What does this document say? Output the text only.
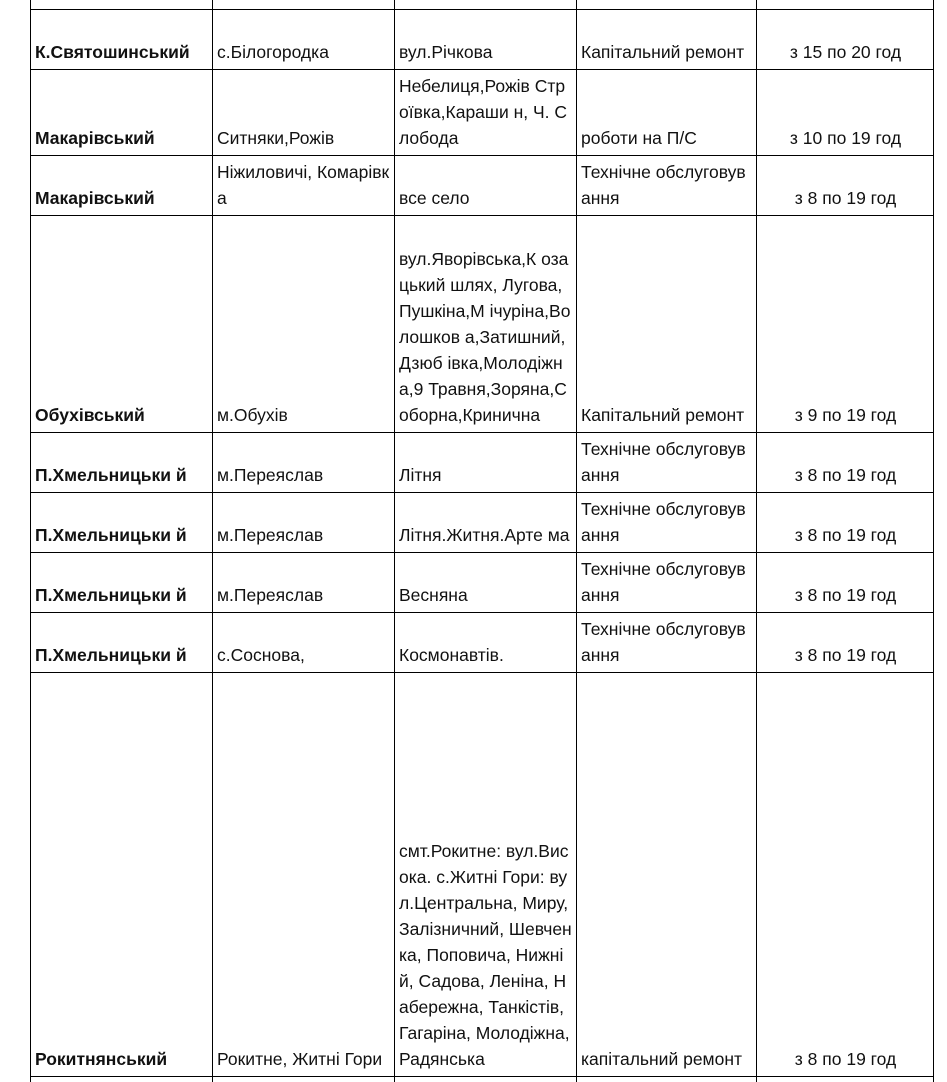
К.Святошинський	с.Білогородка	вул.Річкова	Капітальний ремонт	з 15 по 20 год
Макарівський	Ситняки,Рожів	Небелиця,Рожів Строївка,Караши н, Ч. Слобода	роботи на П/С	з 10 по 19 год
Макарівський	Ніжиловичі, Комарівка	все село	Технічне обслуговування	з 8 по 19 год
Обухівський	м.Обухів	вул.Яворівська,К озацький шлях, Лугова,Пушкіна,М ічуріна,Волошков а,Затишний,Дзюб івка,Молодіжна,9 Травня,Зоряна,С оборна,Кринична	Капітальний ремонт	з 9 по 19 год
П.Хмельницьки й	м.Переяслав	Літня	Технічне обслуговування	з 8 по 19 год
П.Хмельницьки й	м.Переяслав	Літня.Житня.Арте ма	Технічне обслуговування	з 8 по 19 год
П.Хмельницьки й	м.Переяслав	Весняна	Технічне обслуговування	з 8 по 19 год
П.Хмельницьки й	с.Соснова,	Космонавтів.	Технічне обслуговування	з 8 по 19 год
Рокитнянський	Рокитне, Житні Гори	смт.Рокитне: вул.Висока. с.Житні Гори: вул.Центральна, Миру, Залізничний, Шевченка, Поповича, Нижній, Садова, Леніна, Набережна, Танкістів, Гагаріна, Молодіжна, Радянська	капітальний ремонт	з 8 по 19 год
